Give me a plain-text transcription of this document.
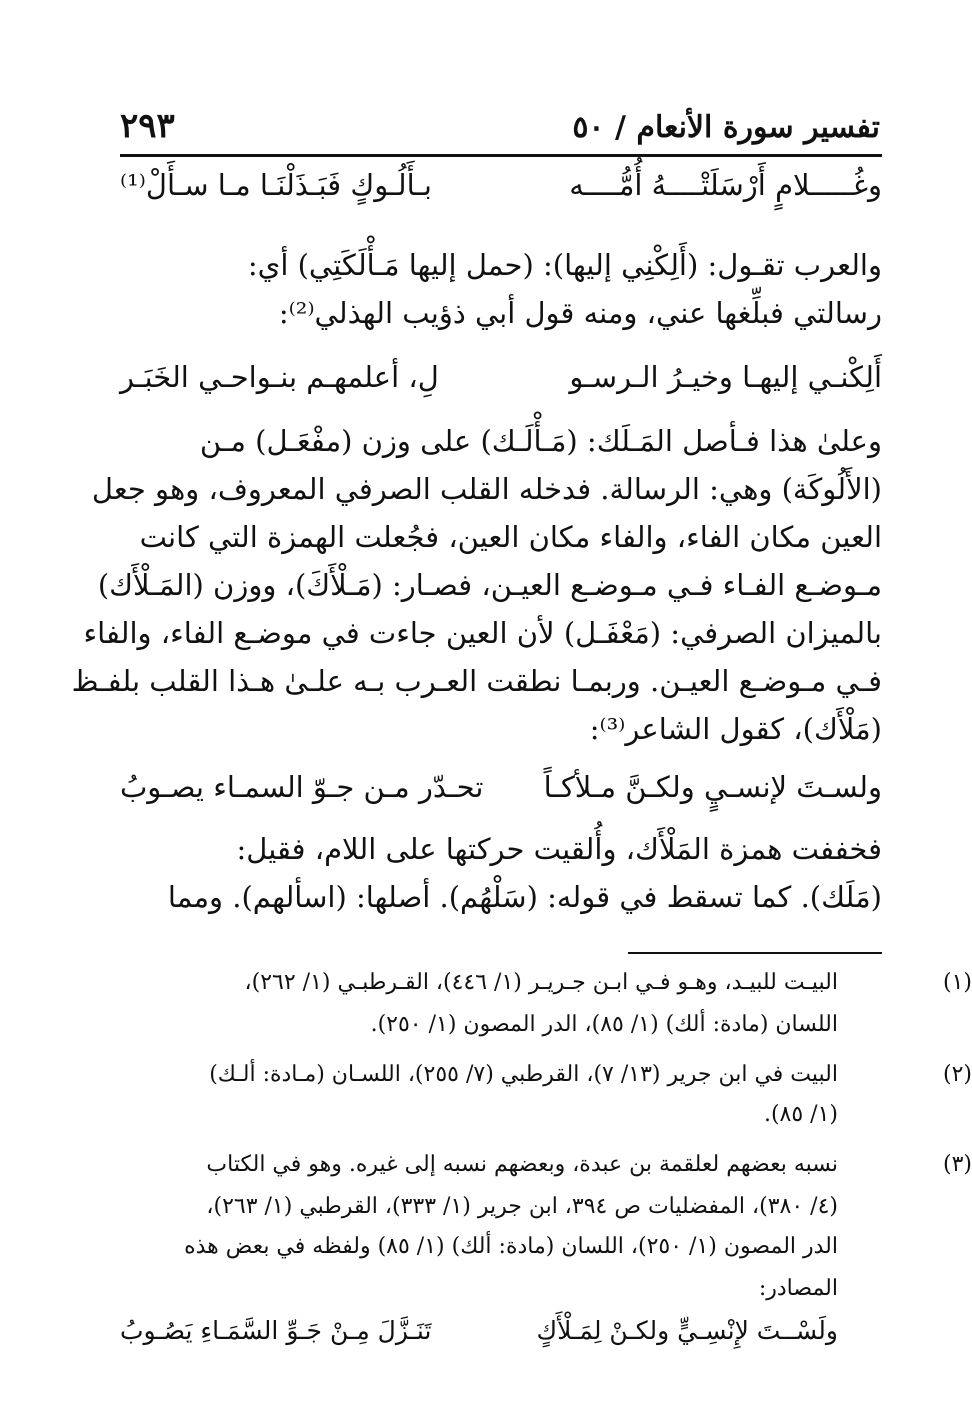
تفسير سورة الأنعام / ٥٠
٢٩٣
وغُـــــلامٍ أَرْسَلَتْــــهُ أُمُّــــه
بـأَلُـوكٍ فَبَـذَلْنَـا مـا سـأَلْ⁽¹⁾
والعرب تقـول: (أَلِكْنِي إليها): (حمل إليها مَـأْلَكَتِي) أي:
رسالتي فبلِّغها عني، ومنه قول أبي ذؤيب الهذلي⁽²⁾:
أَلِكْنـي إليهـا وخيـرُ الـرسـو
لِ، أعلمهـم بنـواحـي الخَبَـر
وعلىٰ هذا فـأصل المَـلَك: (مَـأْلَـك) على وزن (مفْعَـل) مـن
(الأَلُوكَة) وهي: الرسالة. فدخله القلب الصرفي المعروف، وهو جعل
العين مكان الفاء، والفاء مكان العين، فجُعلت الهمزة التي كانت
مـوضـع الفـاء فـي مـوضـع العيـن، فصـار: (مَـلْأَكَ)، ووزن (المَـلْأَك)
بالميزان الصرفي: (مَعْفَـل) لأن العين جاءت في موضـع الفاء، والفاء
فـي مـوضـع العيـن. وربمـا نطقت العـرب بـه علـىٰ هـذا القلب بلفـظ
(مَلْأَك)، كقول الشاعر⁽³⁾:
ولسـتَ لإنسـيٍ ولكـنَّ مـلأكـاً
تحـدّر مـن جـوّ السمـاء يصـوبُ
فخففت همزة المَلْأَك، وأُلقيت حركتها على اللام، فقيل:
(مَلَك). كما تسقط في قوله: (سَلْهُم). أصلها: (اسألهم). ومما
(١)
البيـت للبيـد، وهـو فـي ابـن جـريـر (١/ ٤٤٦)، القـرطبـي (١/ ٢٦٢)،
اللسان (مادة: ألك) (١/ ٨٥)، الدر المصون (١/ ٢٥٠).
(٢)
البيت في ابن جرير (١٣/ ٧)، القرطبي (٧/ ٢٥٥)، اللسـان (مـادة: ألـك)
(١/ ٨٥).
(٣)
نسبه بعضهم لعلقمة بن عبدة، وبعضهم نسبه إلى غيره. وهو في الكتاب
(٤/ ٣٨٠)، المفضليات ص ٣٩٤، ابن جرير (١/ ٣٣٣)، القرطبي (١/ ٢٦٣)،
الدر المصون (١/ ٢٥٠)، اللسان (مادة: ألك) (١/ ٨٥) ولفظه في بعض هذه
المصادر:
ولَسْــتَ لإِنْسِـيٍّ ولكـنْ لِمَـلْأَكٍ
تَنَـزَّلَ مِـنْ جَـوِّ السَّمَـاءِ يَصُـوبُ
